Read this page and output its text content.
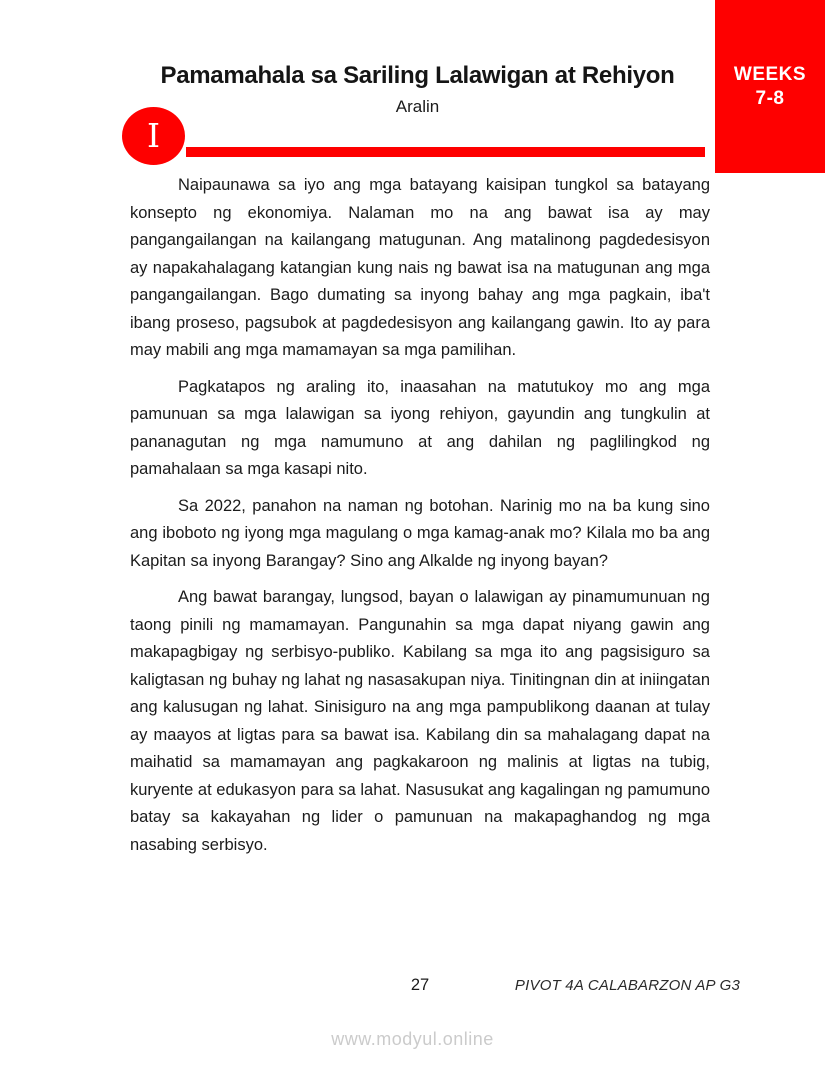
WEEKS
7-8
Pamamahala sa Sariling Lalawigan at Rehiyon
Aralin
I

Naipaunawa sa iyo ang mga batayang kaisipan tungkol sa batayang konsepto ng ekonomiya. Nalaman mo na ang bawat isa ay may pangangailangan na kailangang matugunan. Ang matalinong pagdedesisyon ay napakahalagang katangian kung nais ng bawat isa na matugunan ang mga pangangailangan. Bago dumating sa inyong bahay ang mga pagkain, iba't ibang proseso, pagsubok at pagdedesisyon ang kailangang gawin. Ito ay para may mabili ang mga mamamayan sa mga pamilihan.

Pagkatapos ng araling ito, inaasahan na matutukoy mo ang mga pamunuan sa mga lalawigan sa iyong rehiyon, gayundin ang tungkulin at pananagutan ng mga namumuno at ang dahilan ng paglilingkod ng pamahalaan sa mga kasapi nito.

Sa 2022, panahon na naman ng botohan. Narinig mo na ba kung sino ang iboboto ng iyong mga magulang o mga kamag-anak mo? Kilala mo ba ang Kapitan sa inyong Barangay? Sino ang Alkalde ng inyong bayan?

Ang bawat barangay, lungsod, bayan o lalawigan ay pinamumunuan ng taong pinili ng mamamayan. Pangunahin sa mga dapat niyang gawin ang makapagbigay ng serbisyo-publiko. Kabilang sa mga ito ang pagsisiguro sa kaligtasan ng buhay ng lahat ng nasasakupan niya. Tinitingnan din at iniingatan ang kalusugan ng lahat. Sinisiguro na ang mga pampublikong daanan at tulay ay maayos at ligtas para sa bawat isa. Kabilang din sa mahalagang dapat na maihatid sa mamamayan ang pagkakaroon ng malinis at ligtas na tubig, kuryente at edukasyon para sa lahat. Nasusukat ang kagalingan ng pamumuno batay sa kakayahan ng lider o pamunuan na makapaghandog ng mga nasabing serbisyo.

27	PIVOT 4A CALABARZON AP G3
www.modyul.online
